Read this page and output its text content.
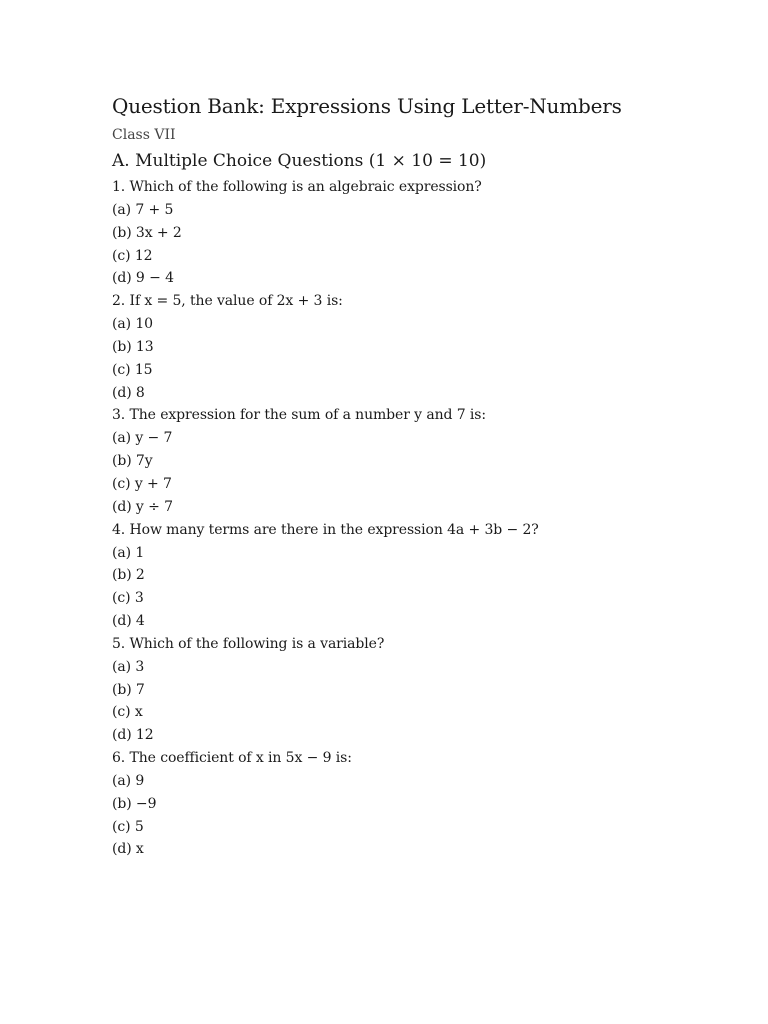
Question Bank: Expressions Using Letter-Numbers
Class VII
A. Multiple Choice Questions (1 × 10 = 10)
1. Which of the following is an algebraic expression?
(a) 7 + 5
(b) 3x + 2
(c) 12
(d) 9 − 4
2. If x = 5, the value of 2x + 3 is:
(a) 10
(b) 13
(c) 15
(d) 8
3. The expression for the sum of a number y and 7 is:
(a) y − 7
(b) 7y
(c) y + 7
(d) y ÷ 7
4. How many terms are there in the expression 4a + 3b − 2?
(a) 1
(b) 2
(c) 3
(d) 4
5. Which of the following is a variable?
(a) 3
(b) 7
(c) x
(d) 12
6. The coefficient of x in 5x − 9 is:
(a) 9
(b) −9
(c) 5
(d) x
